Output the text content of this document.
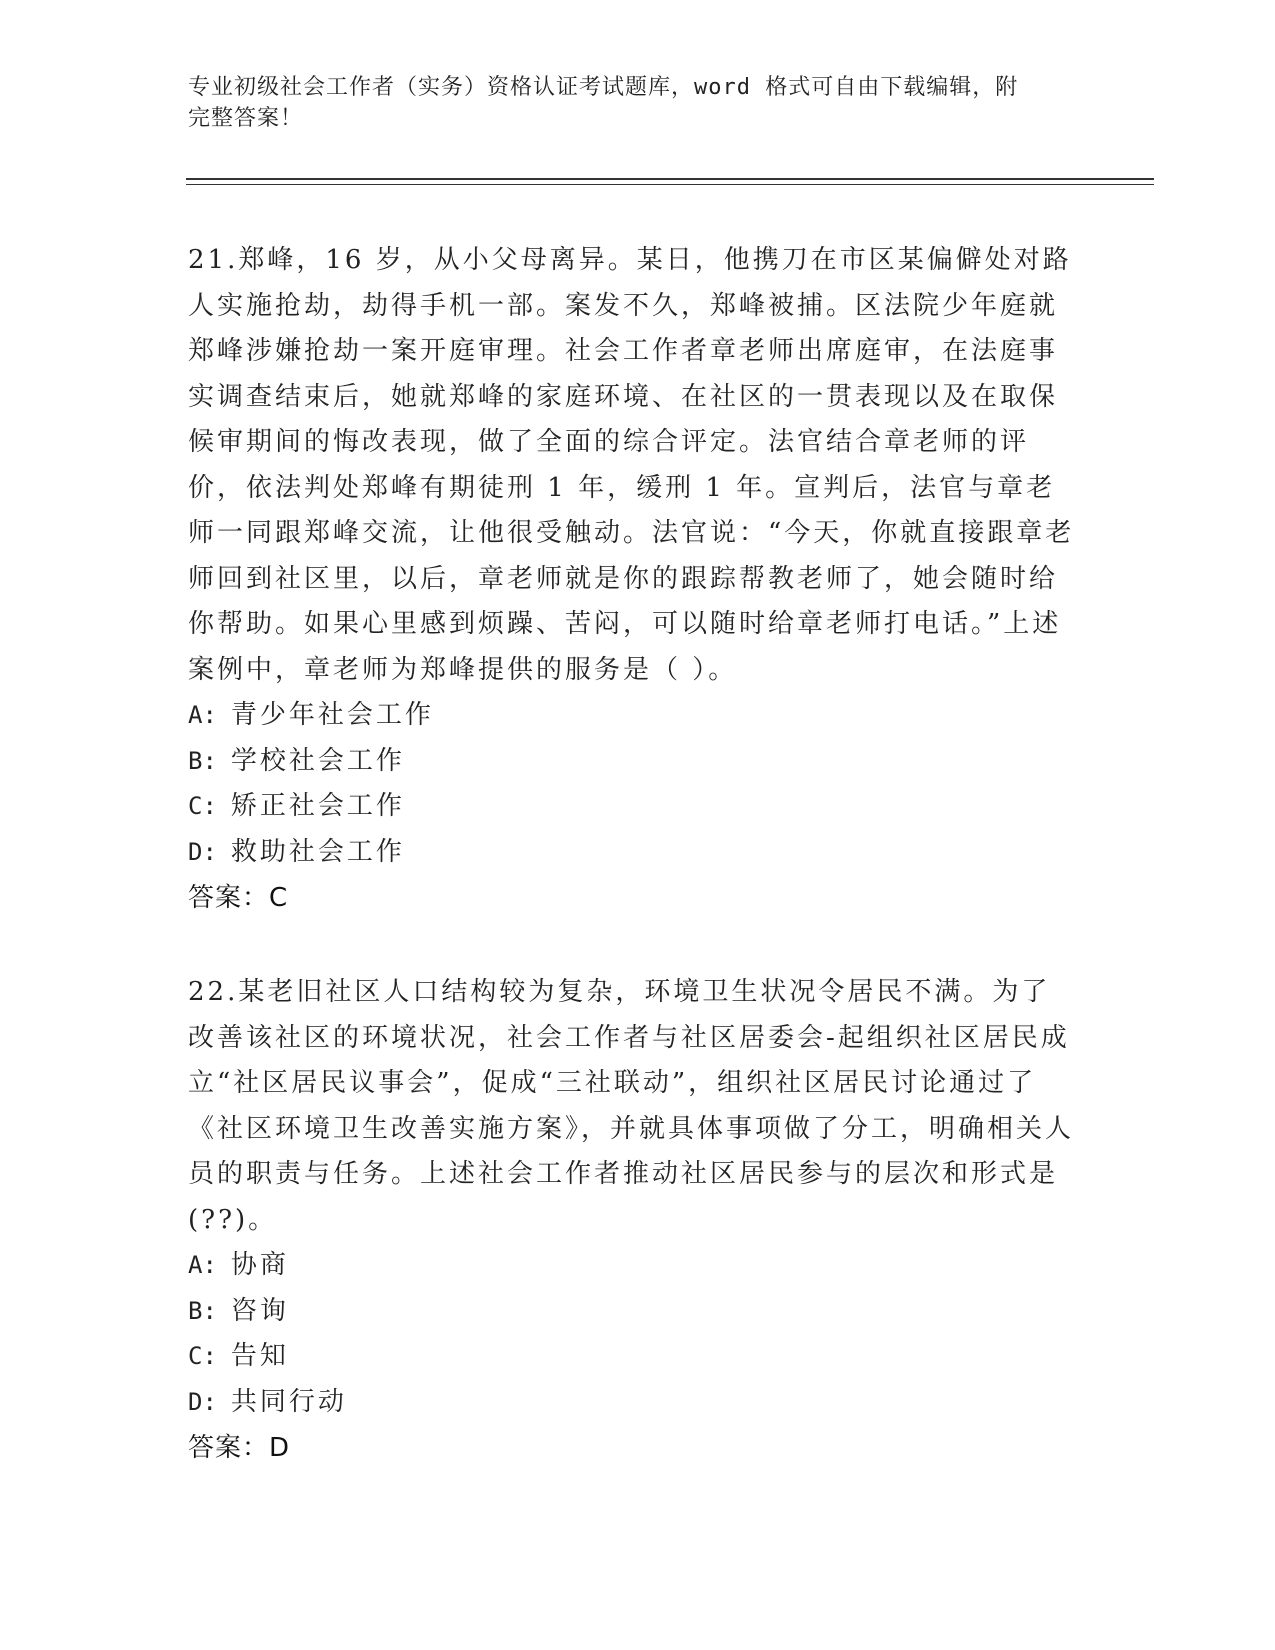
专业初级社会工作者（实务）资格认证考试题库，word 格式可自由下载编辑，附
完整答案！

21.郑峰，16 岁，从小父母离异。某日，他携刀在市区某偏僻处对路人实施抢劫，劫得手机一部。案发不久，郑峰被捕。区法院少年庭就郑峰涉嫌抢劫一案开庭审理。社会工作者章老师出席庭审，在法庭事实调查结束后，她就郑峰的家庭环境、在社区的一贯表现以及在取保候审期间的悔改表现，做了全面的综合评定。法官结合章老师的评价，依法判处郑峰有期徒刑 1 年，缓刑 1 年。宣判后，法官与章老师一同跟郑峰交流，让他很受触动。法官说：“今天，你就直接跟章老师回到社区里，以后，章老师就是你的跟踪帮教老师了，她会随时给你帮助。如果心里感到烦躁、苦闷，可以随时给章老师打电话。”上述案例中，章老师为郑峰提供的服务是（ ）。

A: 青少年社会工作

B: 学校社会工作

C: 矫正社会工作

D: 救助社会工作

答案：C

22.某老旧社区人口结构较为复杂，环境卫生状况令居民不满。为了改善该社区的环境状况，社会工作者与社区居委会-起组织社区居民成立“社区居民议事会”，促成“三社联动”，组织社区居民讨论通过了《社区环境卫生改善实施方案》，并就具体事项做了分工，明确相关人员的职责与任务。上述社会工作者推动社区居民参与的层次和形式是(??)。

A: 协商

B: 咨询

C: 告知

D: 共同行动

答案：D
